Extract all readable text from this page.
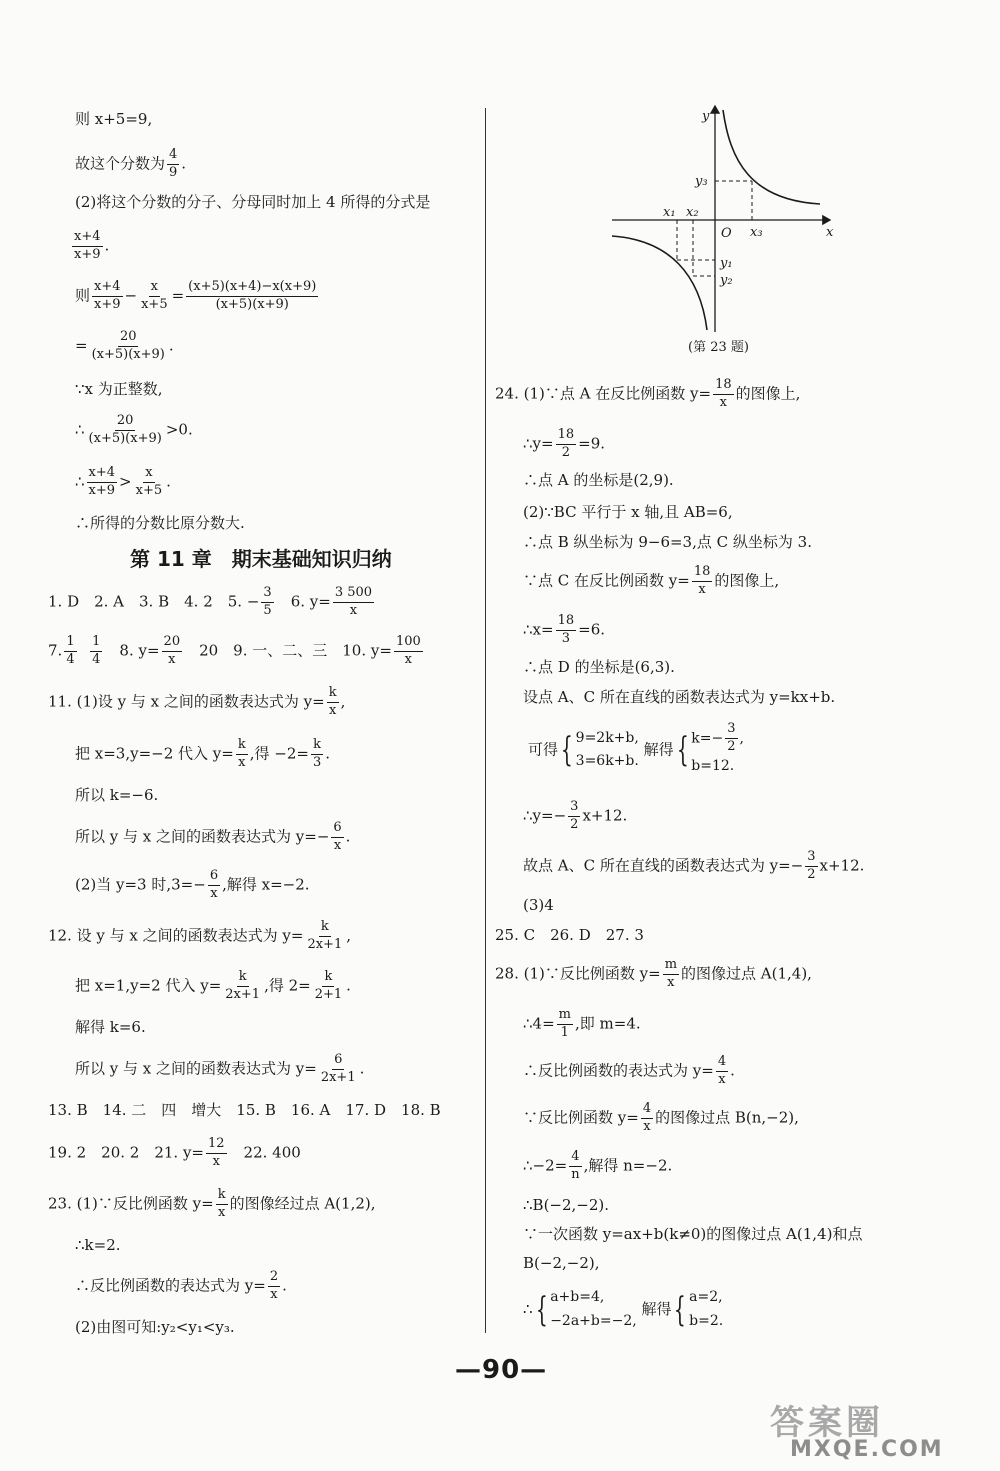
则 x+5=9,
故这个分数为 $\frac{4}{9}$ .
(2)将这个分数的分子、分母同时加上 4 所得的分式是
$\frac{x+4}{x+9}$ .
则 $\frac{x+4}{x+9} - \frac{x}{x+5} = \frac{(x+5)(x+4)-x(x+9)}{(x+5)(x+9)}$
= $\frac{20}{(x+5)(x+9)}$ .
∵x 为正整数,
∴ $\frac{20}{(x+5)(x+9)} >0$.
∴ $\frac{x+4}{x+9} > \frac{x}{x+5}$ .
∴所得的分数比原分数大.
第 11 章　期末基础知识归纳
1. D　2. A　3. B　4. 2　5. − $\frac{3}{5}$ 　6. $y= \frac{3 500}{x}$
7. $\frac{1}{4}$
$\frac{1}{4}$ 　8. $y= \frac{20}{x}$ 　20　9. 一、二、三　10. $y= \frac{100}{x}$
11. (1)设 y 与 x 之间的函数表达式为 $y= \frac{k}{x}$ ,
把 x=3,y=−2 代入 $y= \frac{k}{x}$ ,得 $-2= \frac{k}{3}$ .
所以 k=−6.
所以 y 与 x 之间的函数表达式为 $y=- \frac{6}{x}$ .
(2)当 y=3 时$,3=- \frac{6}{x}$ ,解得 x=−2.
12. 设 y 与 x 之间的函数表达式为 $y= \frac{k}{2x+1}$ ,
把 x=1,y=2 代入 $y= \frac{k}{2x+1}$ ,得 $2= \frac{k}{2+1}$ .
解得 k=6.
所以 y 与 x 之间的函数表达式为 $y= \frac{6}{2x+1}$ .
13. B　14. 二　四　增大　15. B　16. A　17. D　18. B
19. 2　20. 2　21. $y= \frac{12}{x}$ 　22. 400
23. (1)∵反比例函数 $y= \frac{k}{x}$ 的图像经过点 A(1,2),
∴k=2.
∴反比例函数的表达式为 $y= \frac{2}{x}$ .
(2)由图可知:y₂<y₁<y₃.
y
x
O
x₁ x₂
x₃
y₁
y₂
y₃
(第 23 题)
24. (1)∵点 A 在反比例函数 $y= \frac{18}{x}$ 的图像上,
∴y= $\frac{18}{2} =9$.
∴点 A 的坐标是(2,9).
(2)∵BC 平行于 x 轴,且 AB=6,
∴点 B 纵坐标为 9−6=3,点 C 纵坐标为 3.
∵点 C 在反比例函数 $y= \frac{18}{x}$ 的图像上,
∴x= $\frac{18}{3} =6$.
∴点 D 的坐标是(6,3).
设点 A、C 所在直线的函数表达式为 y=kx+b.
可得{ 9=2k+b,
3=6k+b.
解得{ $k=- \frac{3}{2}$ ,
b=12.
∴y=− $\frac{3}{2} x+12$.
故点 A、C 所在直线的函数表达式为 $y=- \frac{3}{2} x+12$.
(3)4
25. C　26. D　27. 3
28. (1)∵反比例函数 $y= \frac{m}{x}$ 的图像过点 A(1,4),
∴4= $\frac{m}{1}$ ,即 m=4.
∴反比例函数的表达式为 $y= \frac{4}{x}$ .
∵反比例函数 $y= \frac{4}{x}$ 的图像过点 B(n,−2),
∴−2= $\frac{4}{n}$ ,解得 n=−2.
∴B(−2,−2).
∵一次函数 y=ax+b(k≠0)的图像过点 A(1,4)和点
B(−2,−2),
∴{ a+b=4,
−2a+b=−2,
解得{ a=2,
b=2.
—90—
答案圈
MXQE.COM
